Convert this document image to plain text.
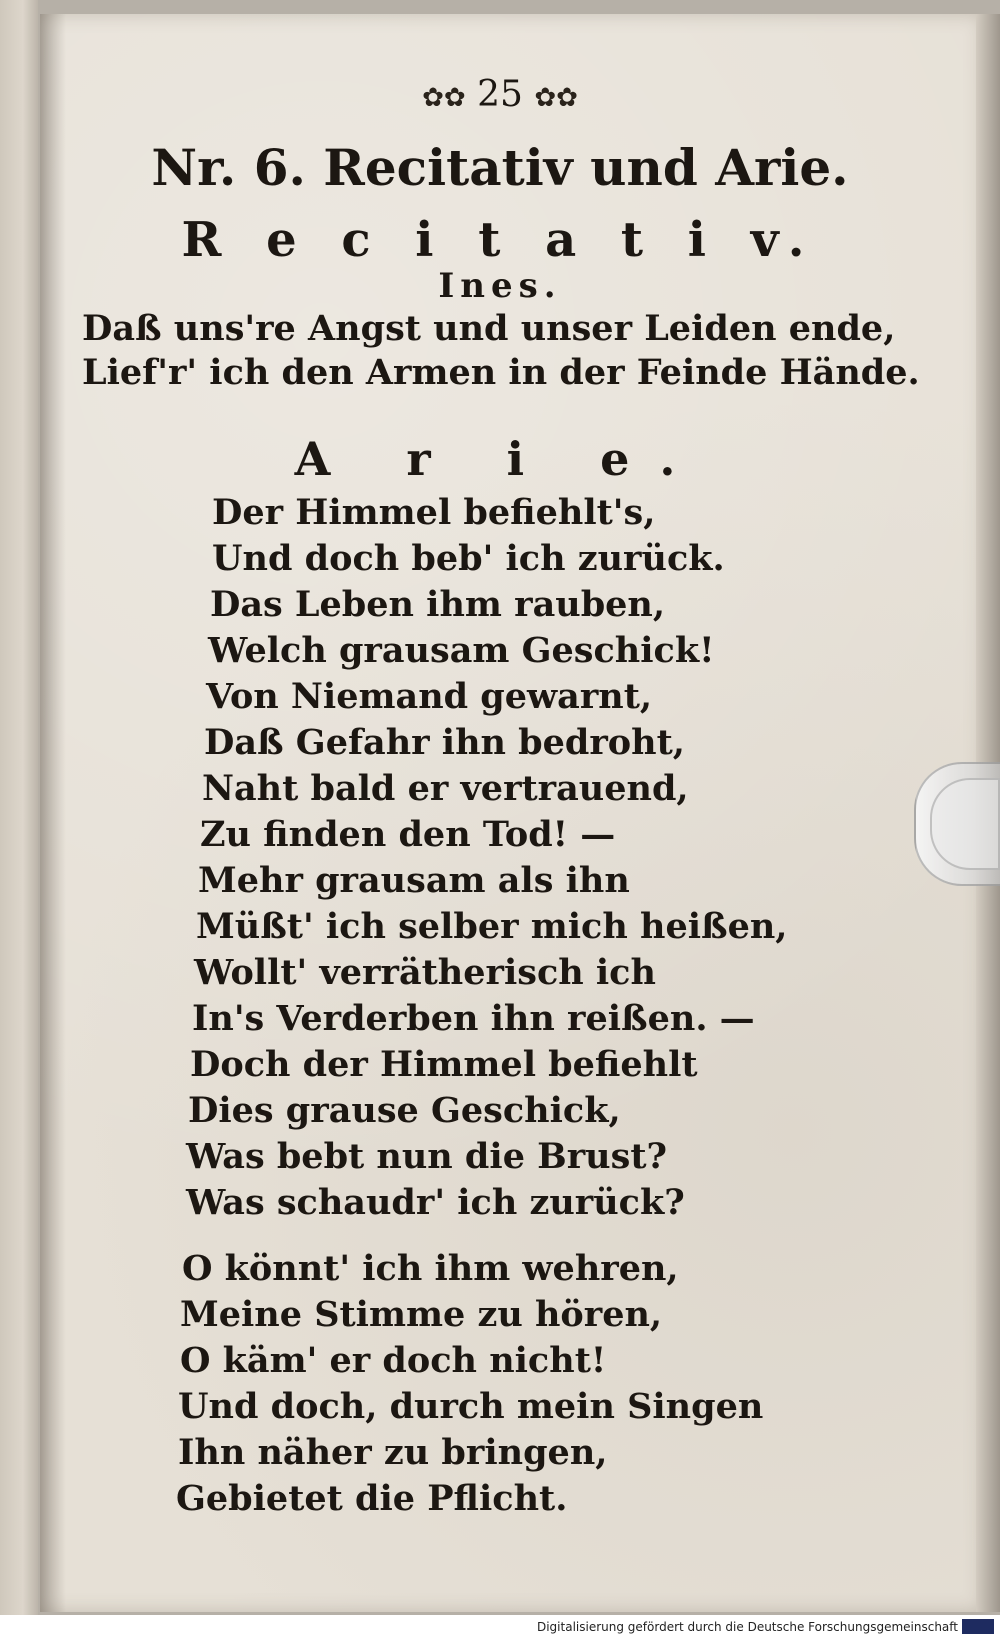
✿✿ 25 ✿✿
Nr. 6. Recitativ und Arie.
R e c i t a t i v.
Ines.
Daß uns're Angst und unser Leiden ende,
Lief'r' ich den Armen in der Feinde Hände.
A r i e.
Der Himmel befiehlt's,
Und doch beb' ich zurück.
Das Leben ihm rauben,
Welch grausam Geschick!
Von Niemand gewarnt,
Daß Gefahr ihn bedroht,
Naht bald er vertrauend,
Zu finden den Tod! —
Mehr grausam als ihn
Müßt' ich selber mich heißen,
Wollt' verrätherisch ich
In's Verderben ihn reißen. —
Doch der Himmel befiehlt
Dies grause Geschick,
Was bebt nun die Brust?
Was schaudr' ich zurück?
O könnt' ich ihm wehren,
Meine Stimme zu hören,
O käm' er doch nicht!
Und doch, durch mein Singen
Ihn näher zu bringen,
Gebietet die Pflicht.
Digitalisierung gefördert durch die Deutsche Forschungsgemeinschaft
